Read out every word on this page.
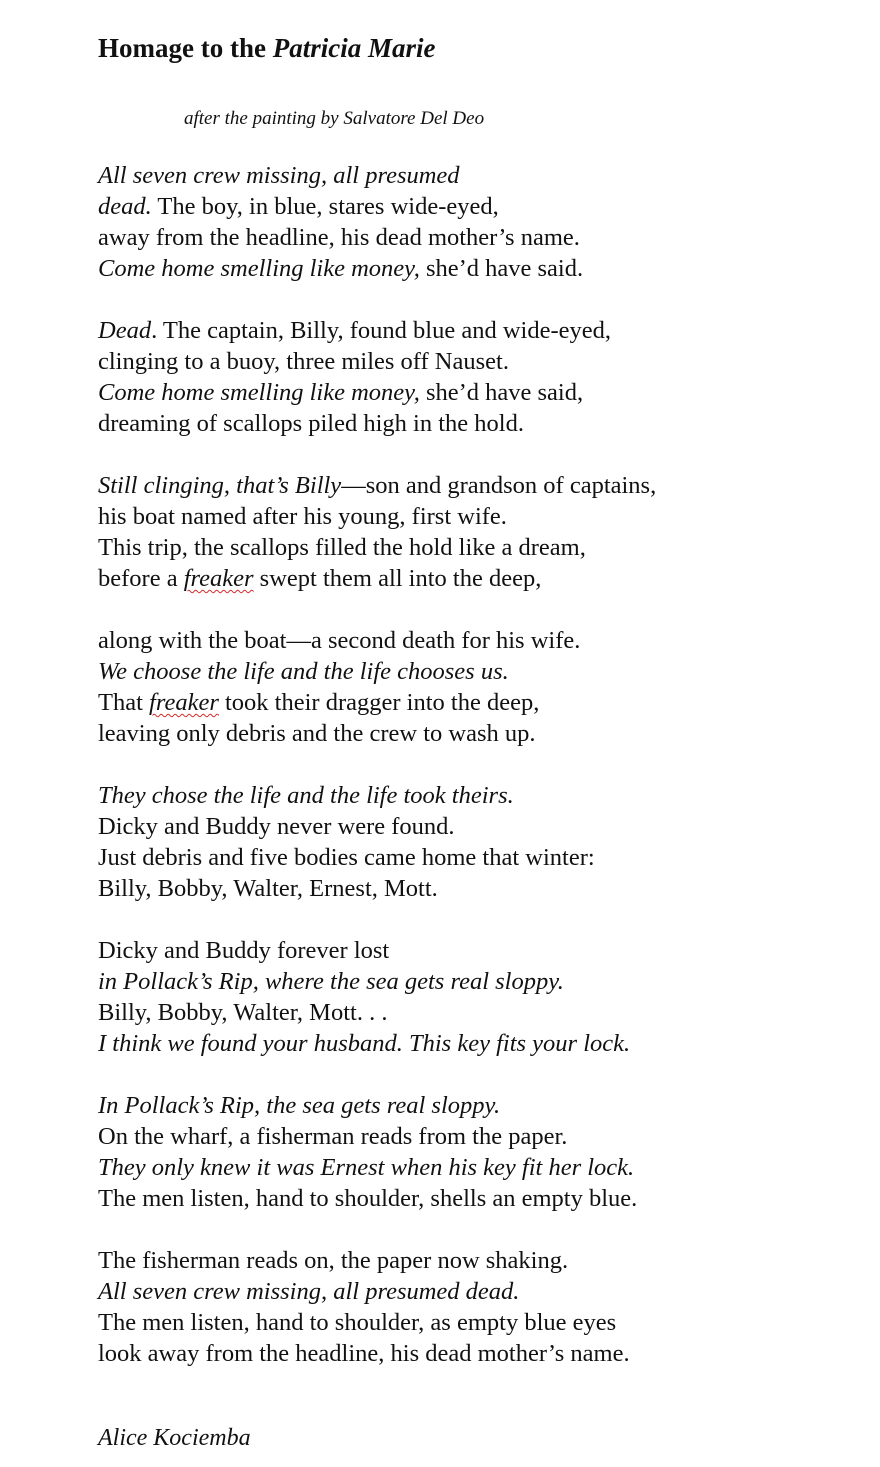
Homage to the Patricia Marie

after the painting by Salvatore Del Deo

All seven crew missing, all presumed
dead. The boy, in blue, stares wide-eyed,
away from the headline, his dead mother’s name.
Come home smelling like money, she’d have said.
Dead. The captain, Billy, found blue and wide-eyed,
clinging to a buoy, three miles off Nauset.
Come home smelling like money, she’d have said,
dreaming of scallops piled high in the hold.
Still clinging, that’s Billy—son and grandson of captains,
his boat named after his young, first wife.
This trip, the scallops filled the hold like a dream,
before a freaker swept them all into the deep,
along with the boat—a second death for his wife.
We choose the life and the life chooses us.
That freaker took their dragger into the deep,
leaving only debris and the crew to wash up.
They chose the life and the life took theirs.
Dicky and Buddy never were found.
Just debris and five bodies came home that winter:
Billy, Bobby, Walter, Ernest, Mott.
Dicky and Buddy forever lost
in Pollack’s Rip, where the sea gets real sloppy.
Billy, Bobby, Walter, Mott. . .
I think we found your husband. This key fits your lock.
In Pollack’s Rip, the sea gets real sloppy.
On the wharf, a fisherman reads from the paper.
They only knew it was Ernest when his key fit her lock.
The men listen, hand to shoulder, shells an empty blue.
The fisherman reads on, the paper now shaking.
All seven crew missing, all presumed dead.
The men listen, hand to shoulder, as empty blue eyes
look away from the headline, his dead mother’s name.

Alice Kociemba
